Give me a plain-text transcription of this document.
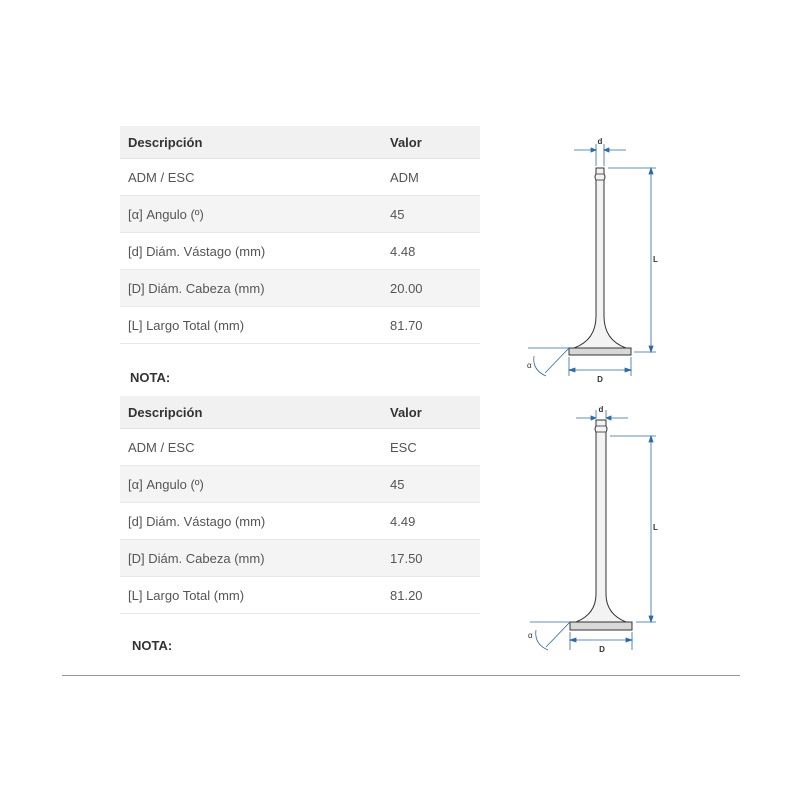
Descripción	Valor
ADM / ESC	ADM
[α] Angulo (º)	45
[d] Diám. Vástago (mm)	4.48
[D] Diám. Cabeza (mm)	20.00
[L] Largo Total (mm)	81.70
NOTA:
Descripción	Valor
ADM / ESC	ESC
[α] Angulo (º)	45
[d] Diám. Vástago (mm)	4.49
[D] Diám. Cabeza (mm)	17.50
[L] Largo Total (mm)	81.20
NOTA:
d
L
D
α
d
L
D
α
